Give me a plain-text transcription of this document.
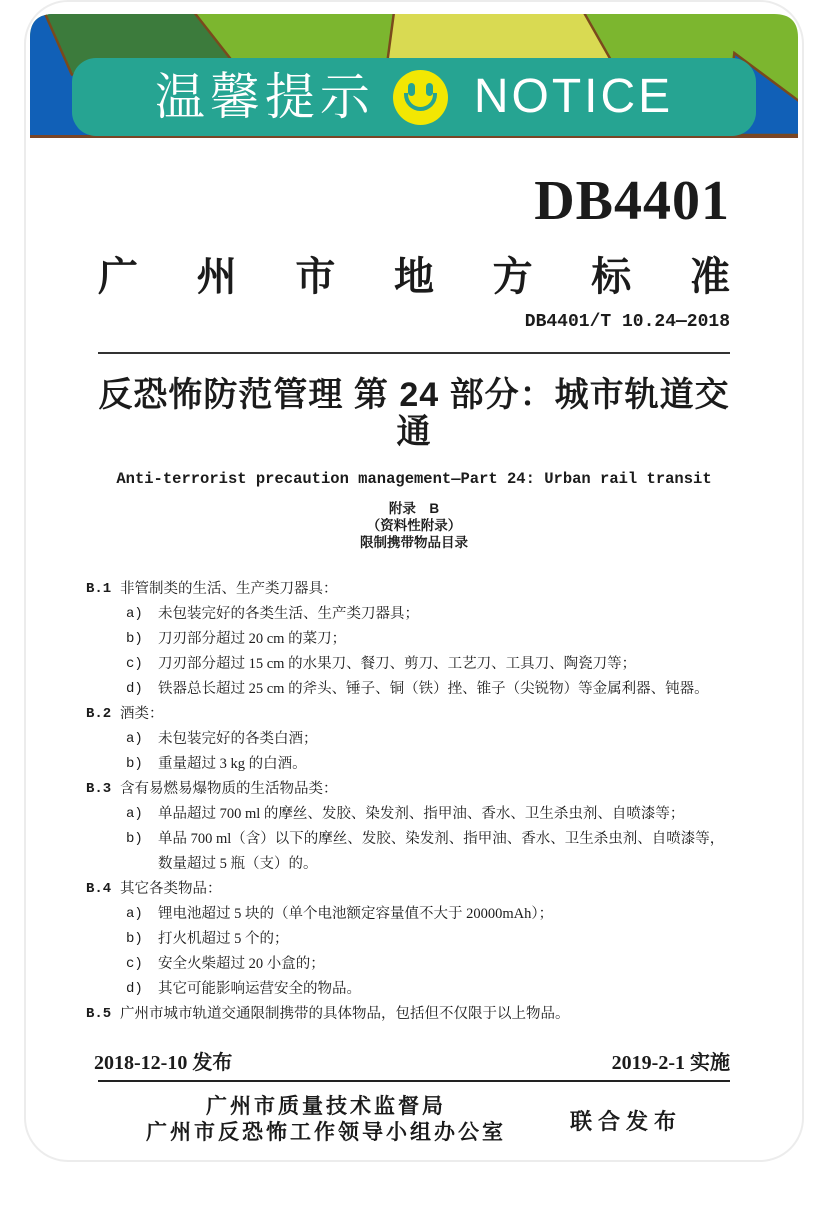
温馨提示 NOTICE
DB4401
广 州 市 地 方 标 准
DB4401/T 10.24—2018
反恐怖防范管理 第 24 部分：城市轨道交通
Anti-terrorist precaution management—Part 24: Urban rail transit
附录　B
（资料性附录）
限制携带物品目录
B.1 非管制类的生活、生产类刀器具：
a)	未包装完好的各类生活、生产类刀器具；
b)	刀刃部分超过 20 cm 的菜刀；
c)	刀刃部分超过 15 cm 的水果刀、餐刀、剪刀、工艺刀、工具刀、陶瓷刀等；
d)	铁器总长超过 25 cm 的斧头、锤子、铜（铁）挫、锥子（尖锐物）等金属利器、钝器。
B.2 酒类：
a)	未包装完好的各类白酒；
b)	重量超过 3 kg 的白酒。
B.3 含有易燃易爆物质的生活物品类：
a)	单品超过 700 ml 的摩丝、发胶、染发剂、指甲油、香水、卫生杀虫剂、自喷漆等；
b)	单品 700 ml（含）以下的摩丝、发胶、染发剂、指甲油、香水、卫生杀虫剂、自喷漆等，数量超过 5 瓶（支）的。
B.4 其它各类物品：
a)	锂电池超过 5 块的（单个电池额定容量值不大于 20000mAh）；
b)	打火机超过 5 个的；
c)	安全火柴超过 20 小盒的；
d)	其它可能影响运营安全的物品。
B.5 广州市城市轨道交通限制携带的具体物品，包括但不仅限于以上物品。
2018-12-10 发布	2019-2-1 实施
广州市质量技术监督局
广州市反恐怖工作领导小组办公室	联合发布
